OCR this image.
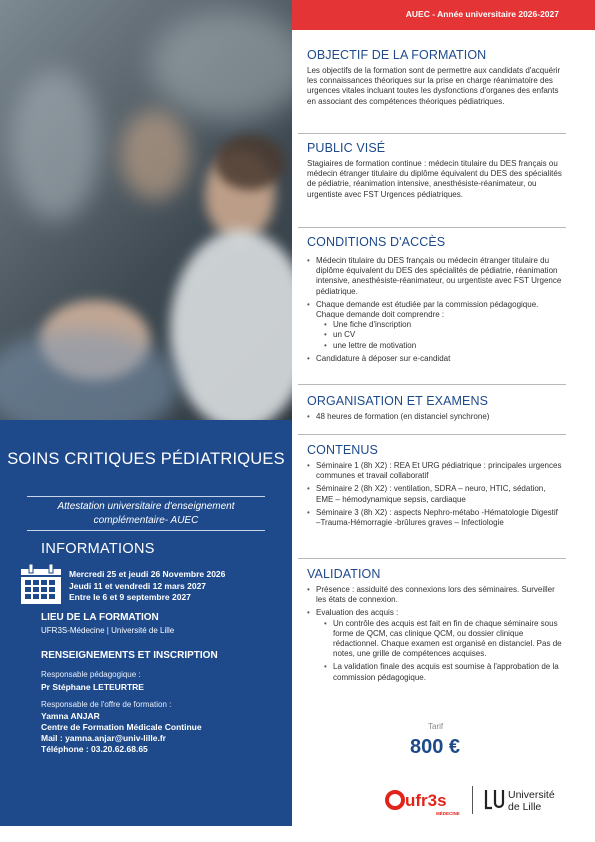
SOINS CRITIQUES PÉDIATRIQUES
Attestation universitaire d'enseignement complémentaire- AUEC
INFORMATIONS
Mercredi 25 et jeudi 26 Novembre 2026
Jeudi 11 et vendredi 12 mars 2027
Entre le 6 et 9 septembre 2027
LIEU DE LA FORMATION
UFR3S-Médecine | Université de Lille
RENSEIGNEMENTS ET INSCRIPTION
Responsable pédagogique :
Pr Stéphane LETEURTRE
Responsable de l'offre de formation :
Yamna ANJAR
Centre de Formation Médicale Continue
Mail : yamna.anjar@univ-lille.fr
Téléphone : 03.20.62.68.65
AUEC - Année universitaire 2026-2027
OBJECTIF DE LA FORMATION
Les objectifs de la formation sont de permettre aux candidats d'acquérir les connaissances théoriques sur la prise en charge réanimatoire des urgences vitales incluant toutes les dysfonctions d'organes des enfants en associant des compétences théoriques pédiatriques.
PUBLIC VISÉ
Stagiaires de formation continue : médecin titulaire du DES français ou médecin étranger titulaire du diplôme équivalent du DES des spécialités de pédiatrie, réanimation intensive, anesthésiste-réanimateur, ou urgentiste avec FST Urgences pédiatriques.
CONDITIONS D'ACCÈS
• Médecin titulaire du DES français ou médecin étranger titulaire du diplôme équivalent du DES des spécialités de pédiatrie, réanimation intensive, anesthésiste-réanimateur, ou urgentiste avec FST Urgence pédiatrique.
• Chaque demande est étudiée par la commission pédagogique. Chaque demande doit comprendre :
• Une fiche d'inscription
• un CV
• une lettre de motivation
• Candidature à déposer sur e-candidat
ORGANISATION ET EXAMENS
• 48 heures de formation (en distanciel synchrone)
CONTENUS
• Séminaire 1 (8h X2) : REA Et URG pédiatrique : principales urgences communes et travail collaboratif
• Séminaire 2 (8h X2) : ventilation, SDRA – neuro, HTIC, sédation, EME – hémodynamique sepsis, cardiaque
• Séminaire 3 (8h X2) : aspects Nephro-métabo -Hématologie Digestif –Trauma-Hémorragie -brûlures graves – Infectiologie
VALIDATION
• Présence : assiduité des connexions lors des séminaires. Surveiller les états de connexion.
• Evaluation des acquis :
• Un contrôle des acquis est fait en fin de chaque séminaire sous forme de QCM, cas clinique QCM, ou dossier clinique rédactionnel. Chaque examen est organisé en distanciel. Pas de notes, une grille de compétences acquises.
• La validation finale des acquis est soumise à l'approbation de la commission pédagogique.
Tarif
800 €
ufr3s
MÉDECINE
Université
de Lille
